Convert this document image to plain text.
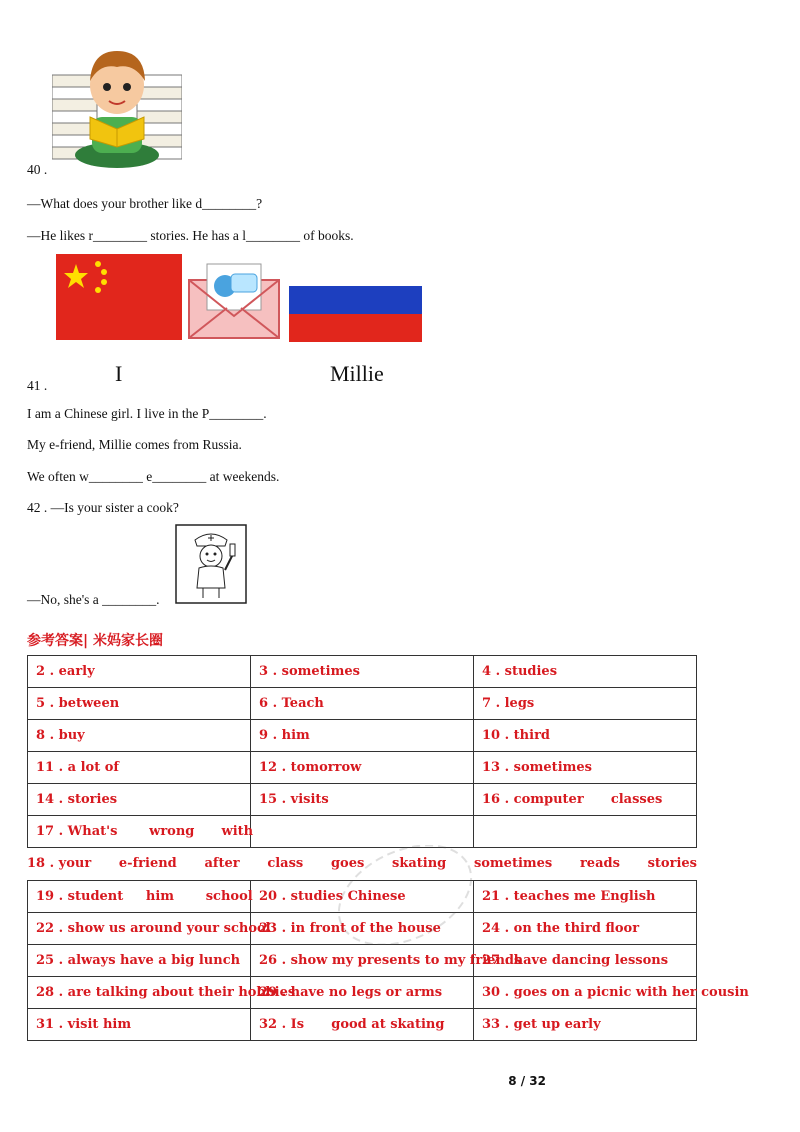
40 .
—What does your brother like d________?
—He likes r________ stories. He has a l________ of books.
41 .	I	Millie
I am a Chinese girl. I live in the P________.
My e-friend, Millie comes from Russia.
We often w________ e________ at weekends.
42 . —Is your sister a cook?
—No, she's a ________.
参考答案| 米妈家长圈
2 . early	3 . sometimes	4 . studies
5 . between	6 . Teach	7 . legs
8 . buy	9 . him	10 . third
11 . a lot of	12 . tomorrow	13 . sometimes
14 . stories	15 . visits	16 . computer      classes
17 . What's       wrong      with		
18 . your e-friend after class goes skating sometimes reads stories
19 . student     him       school	20 . studies Chinese	21 . teaches me English
22 . show us around your school	23 . in front of the house	24 . on the third floor
25 . always have a big lunch	26 . show my presents to my friends	27 . have dancing lessons
28 . are talking about their hobbies	29 . have no legs or arms	30 . goes on a picnic with her cousin
31 . visit him	32 . Is      good at skating	33 . get up early
8 / 32
